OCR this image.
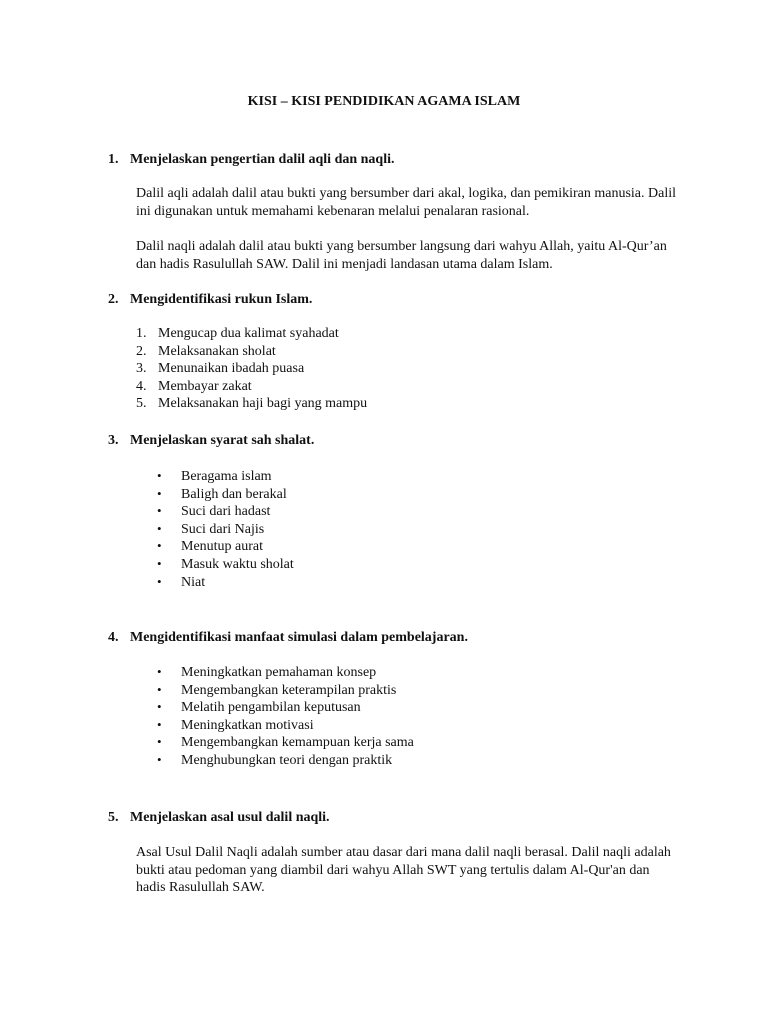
KISI – KISI PENDIDIKAN AGAMA ISLAM
1. Menjelaskan pengertian dalil aqli dan naqli.
Dalil aqli adalah dalil atau bukti yang bersumber dari akal, logika, dan pemikiran manusia. Dalil ini digunakan untuk memahami kebenaran melalui penalaran rasional.
Dalil naqli adalah dalil atau bukti yang bersumber langsung dari wahyu Allah, yaitu Al-Qur’an dan hadis Rasulullah SAW. Dalil ini menjadi landasan utama dalam Islam.
2. Mengidentifikasi rukun Islam.
1. Mengucap dua kalimat syahadat
2. Melaksanakan sholat
3. Menunaikan ibadah puasa
4. Membayar zakat
5. Melaksanakan haji bagi yang mampu
3. Menjelaskan syarat sah shalat.
• Beragama islam
• Baligh dan berakal
• Suci dari hadast
• Suci dari Najis
• Menutup aurat
• Masuk waktu sholat
• Niat
4. Mengidentifikasi manfaat simulasi dalam pembelajaran.
• Meningkatkan pemahaman konsep
• Mengembangkan keterampilan praktis
• Melatih pengambilan keputusan
• Meningkatkan motivasi
• Mengembangkan kemampuan kerja sama
• Menghubungkan teori dengan praktik
5. Menjelaskan asal usul dalil naqli.
Asal Usul Dalil Naqli adalah sumber atau dasar dari mana dalil naqli berasal. Dalil naqli adalah bukti atau pedoman yang diambil dari wahyu Allah SWT yang tertulis dalam Al-Qur'an dan hadis Rasulullah SAW.
